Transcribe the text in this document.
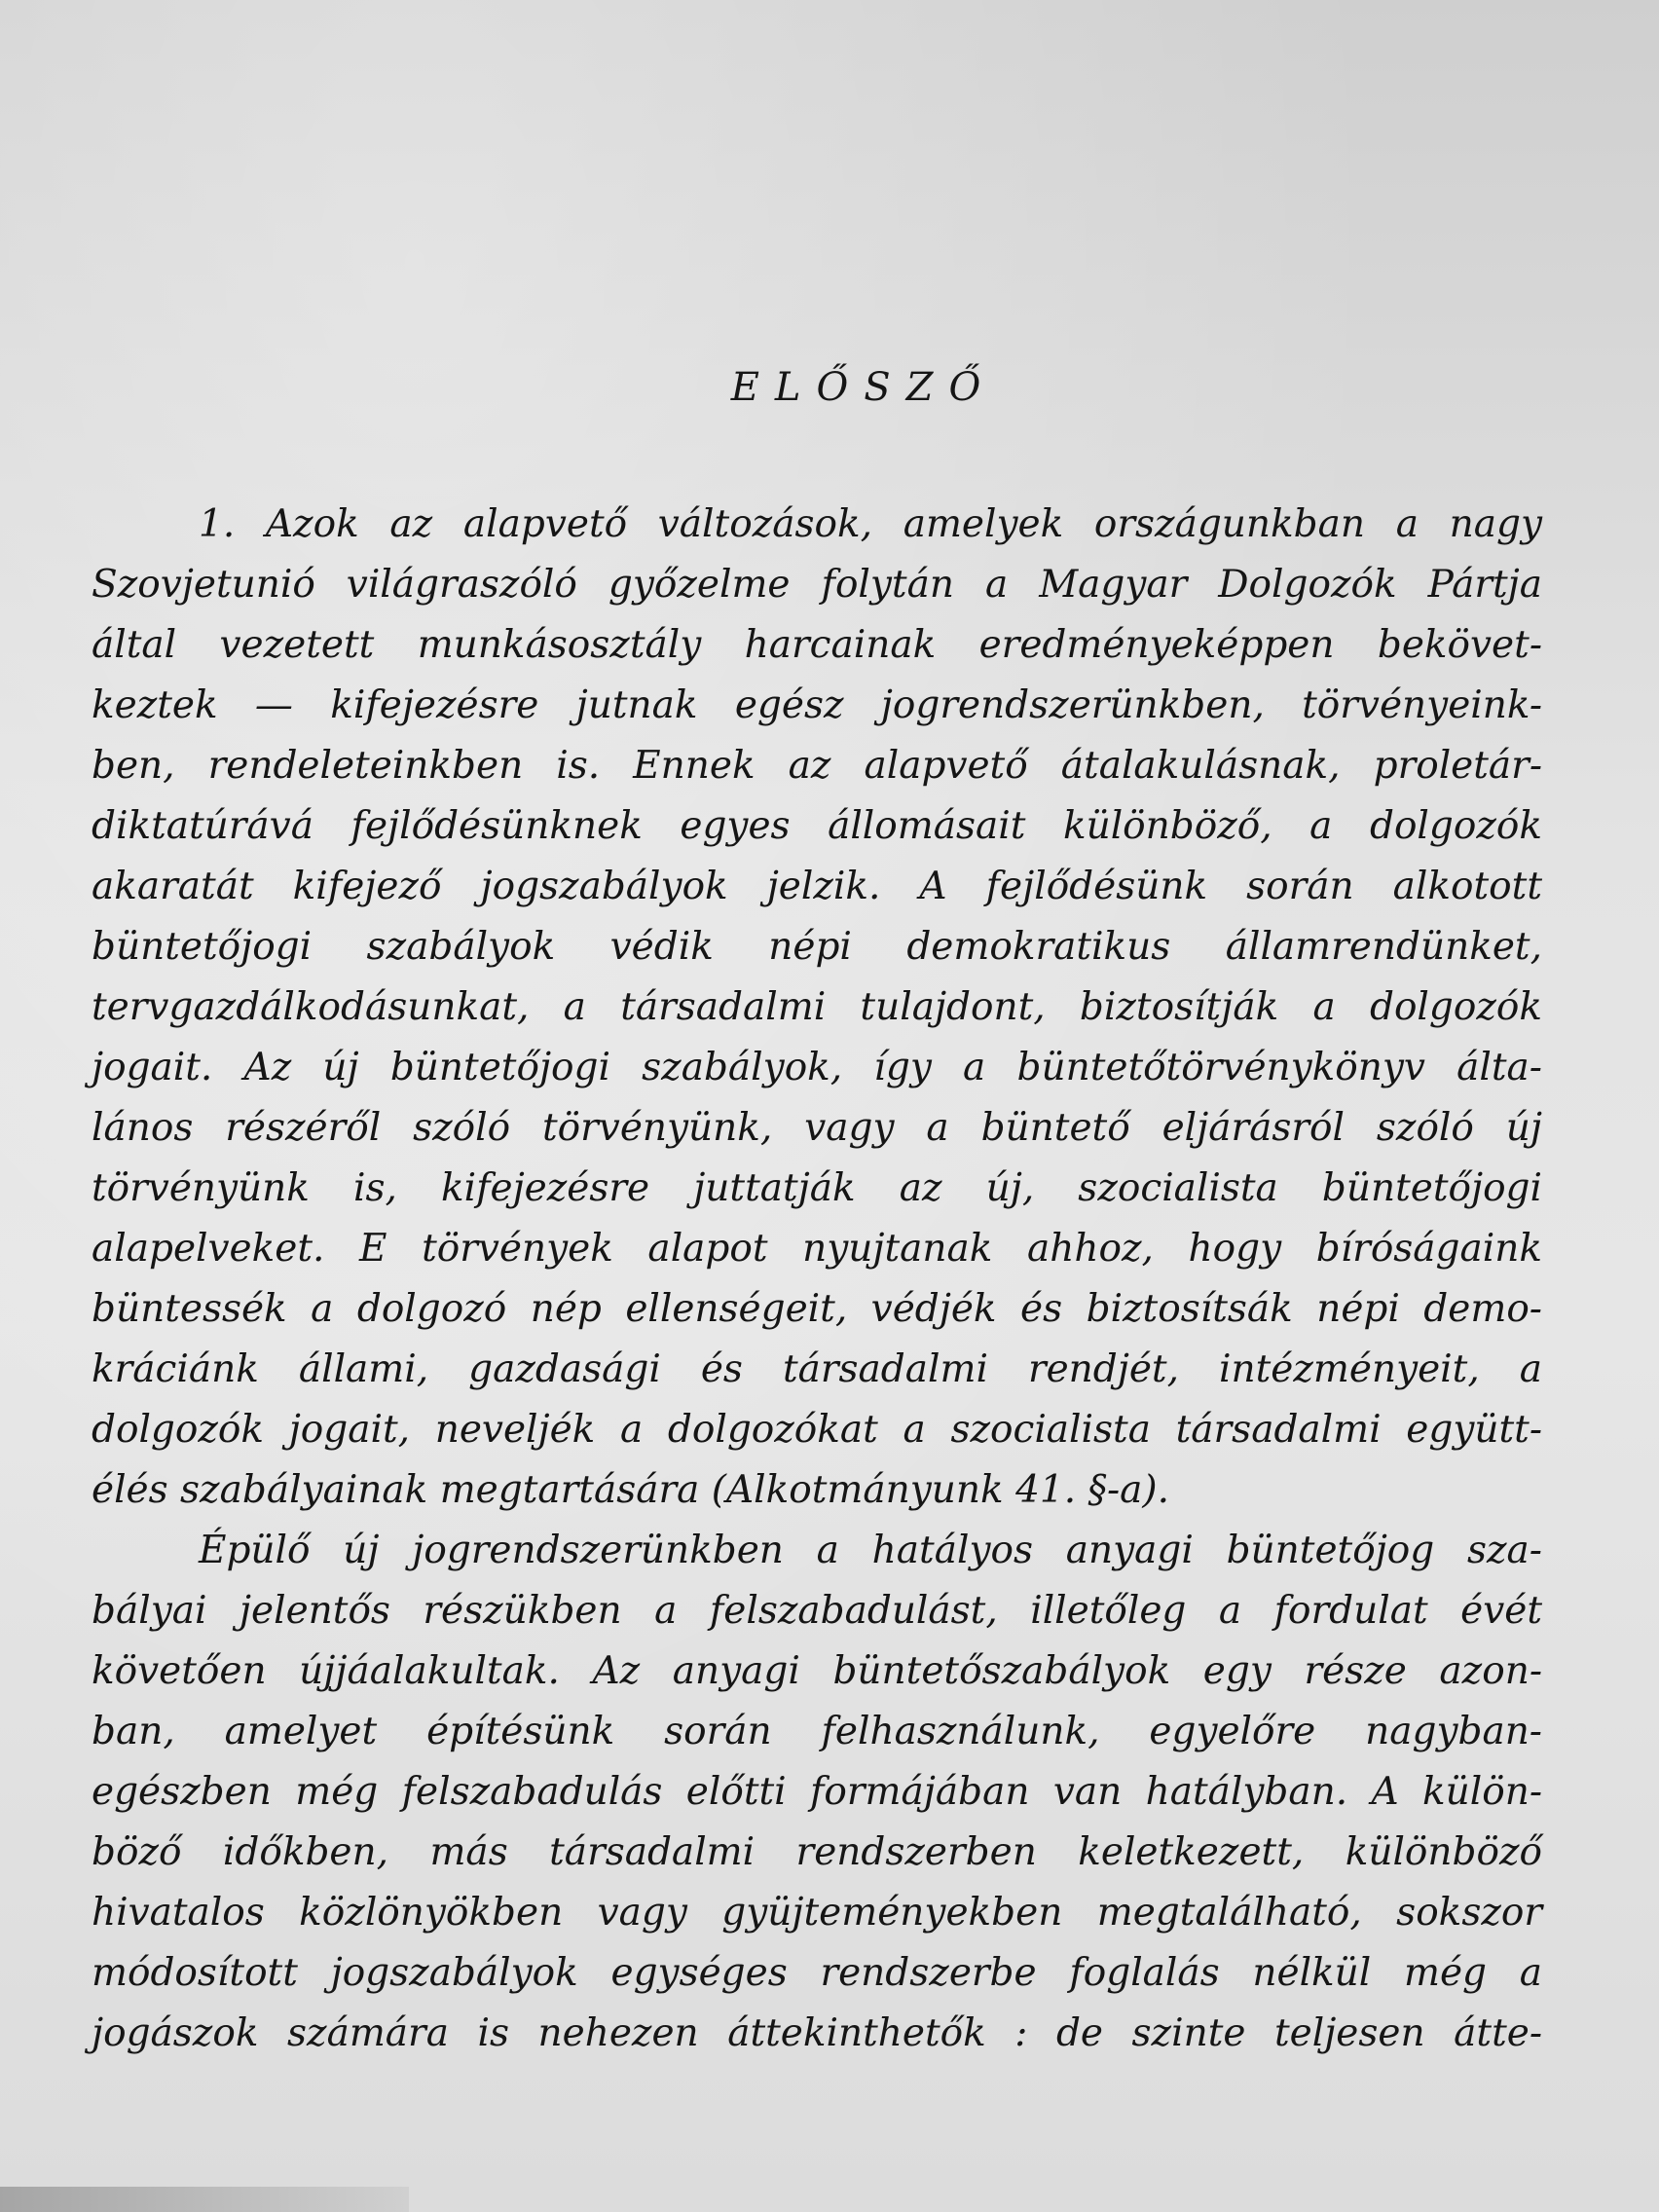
ELŐSZŐ

1. Azok az alapvető változások, amelyek országunkban a nagy
Szovjetunió világraszóló győzelme folytán a Magyar Dolgozók Pártja
által vezetett munkásosztály harcainak eredményeképpen bekövet-
keztek — kifejezésre jutnak egész jogrendszerünkben, törvényeink-
ben, rendeleteinkben is. Ennek az alapvető átalakulásnak, proletár-
diktatúrává fejlődésünknek egyes állomásait különböző, a dolgozók
akaratát kifejező jogszabályok jelzik. A fejlődésünk során alkotott
büntetőjogi szabályok védik népi demokratikus államrendünket,
tervgazdálkodásunkat, a társadalmi tulajdont, biztosítják a dolgozók
jogait. Az új büntetőjogi szabályok, így a büntetőtörvénykönyv álta-
lános részéről szóló törvényünk, vagy a büntető eljárásról szóló új
törvényünk is, kifejezésre juttatják az új, szocialista büntetőjogi
alapelveket. E törvények alapot nyujtanak ahhoz, hogy bíróságaink
büntessék a dolgozó nép ellenségeit, védjék és biztosítsák népi demo-
kráciánk állami, gazdasági és társadalmi rendjét, intézményeit, a
dolgozók jogait, neveljék a dolgozókat a szocialista társadalmi együtt-
élés szabályainak megtartására (Alkotmányunk 41. §-a).

Épülő új jogrendszerünkben a hatályos anyagi büntetőjog sza-
bályai jelentős részükben a felszabadulást, illetőleg a fordulat évét
követően újjáalakultak. Az anyagi büntetőszabályok egy része azon-
ban, amelyet építésünk során felhasználunk, egyelőre nagyban-
egészben még felszabadulás előtti formájában van hatályban. A külön-
böző időkben, más társadalmi rendszerben keletkezett, különböző
hivatalos közlönyökben vagy gyüjteményekben megtalálható, sokszor
módosított jogszabályok egységes rendszerbe foglalás nélkül még a
jogászok számára is nehezen áttekinthetők : de szinte teljesen átte-
